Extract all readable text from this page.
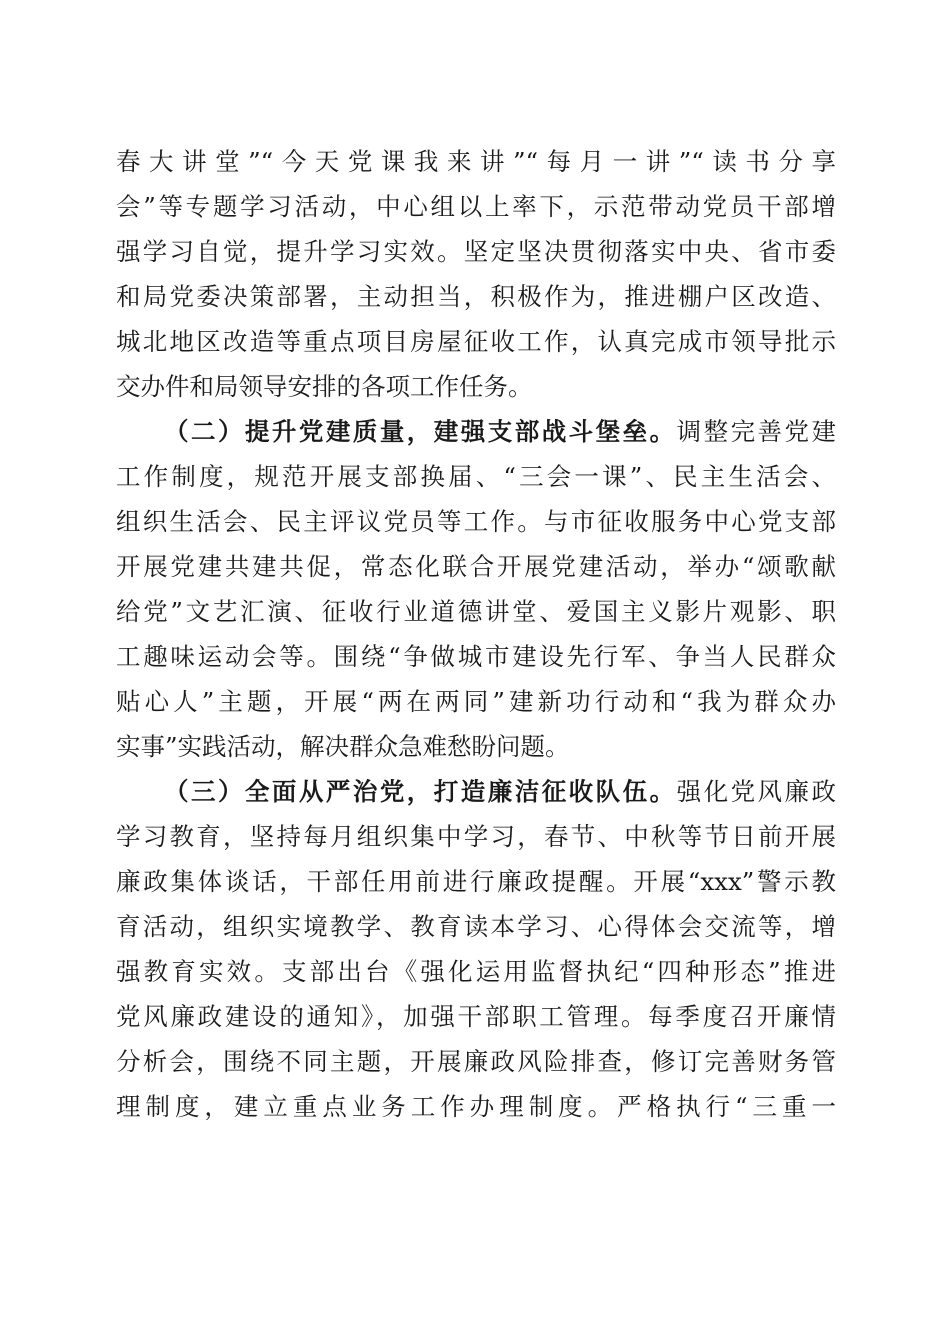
春大讲堂”“今天党课我来讲”“每月一讲”“读书分享
会”等专题学习活动，中心组以上率下，示范带动党员干部增
强学习自觉，提升学习实效。坚定坚决贯彻落实中央、省市委
和局党委决策部署，主动担当，积极作为，推进棚户区改造、
城北地区改造等重点项目房屋征收工作，认真完成市领导批示
交办件和局领导安排的各项工作任务。
（二）提升党建质量，建强支部战斗堡垒。调整完善党建
工作制度，规范开展支部换届、“三会一课”、民主生活会、
组织生活会、民主评议党员等工作。与市征收服务中心党支部
开展党建共建共促，常态化联合开展党建活动，举办“颂歌献
给党”文艺汇演、征收行业道德讲堂、爱国主义影片观影、职
工趣味运动会等。围绕“争做城市建设先行军、争当人民群众
贴心人”主题，开展“两在两同”建新功行动和“我为群众办
实事”实践活动，解决群众急难愁盼问题。
（三）全面从严治党，打造廉洁征收队伍。强化党风廉政
学习教育，坚持每月组织集中学习，春节、中秋等节日前开展
廉政集体谈话，干部任用前进行廉政提醒。开展“xxx”警示教
育活动，组织实境教学、教育读本学习、心得体会交流等，增
强教育实效。支部出台《强化运用监督执纪“四种形态”推进
党风廉政建设的通知》，加强干部职工管理。每季度召开廉情
分析会，围绕不同主题，开展廉政风险排查，修订完善财务管
理制度，建立重点业务工作办理制度。严格执行“三重一
